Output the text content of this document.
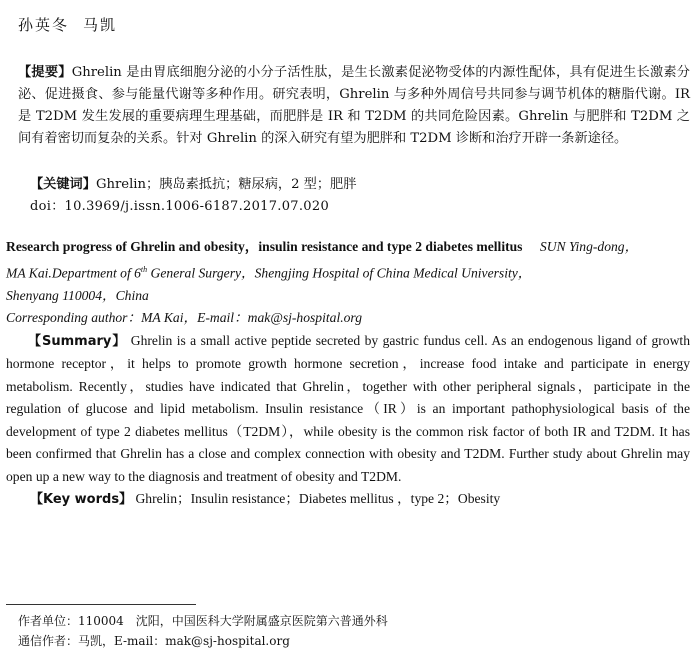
孙英冬 马凯
【提要】Ghrelin 是由胃底细胞分泌的小分子活性肽，是生长激素促泌物受体的内源性配体，具有促进生长激素分泌、促进摄食、参与能量代谢等多种作用。研究表明，Ghrelin 与多种外周信号共同参与调节机体的糖脂代谢。IR 是 T2DM 发生发展的重要病理生理基础，而肥胖是 IR 和 T2DM 的共同危险因素。Ghrelin 与肥胖和 T2DM 之间有着密切而复杂的关系。针对 Ghrelin 的深入研究有望为肥胖和 T2DM 诊断和治疗开辟一条新途径。
【关键词】Ghrelin；胰岛素抵抗；糖尿病，2 型；肥胖
doi：10.3969/j.issn.1006-6187.2017.07.020
Research progress of Ghrelin and obesity，insulin resistance and type 2 diabetes mellitus SUN Ying-dong，
MA Kai.Department of 6th General Surgery，Shengjing Hospital of China Medical University，
Shenyang 110004，China
Corresponding author：MA Kai，E-mail：mak@sj-hospital.org
【Summary】 Ghrelin is a small active peptide secreted by gastric fundus cell. As an endogenous ligand of growth hormone receptor，it helps to promote growth hormone secretion，increase food intake and participate in energy metabolism. Recently，studies have indicated that Ghrelin，together with other peripheral signals，participate in the regulation of glucose and lipid metabolism. Insulin resistance（IR）is an important pathophysiological basis of the development of type 2 diabetes mellitus（T2DM），while obesity is the common risk factor of both IR and T2DM. It has been confirmed that Ghrelin has a close and complex connection with obesity and T2DM. Further study about Ghrelin may open up a new way to the diagnosis and treatment of obesity and T2DM.
【Key words】 Ghrelin；Insulin resistance；Diabetes mellitus ，type 2；Obesity
作者单位：110004　沈阳，中国医科大学附属盛京医院第六普通外科
通信作者：马凯，E-mail：mak@sj-hospital.org
